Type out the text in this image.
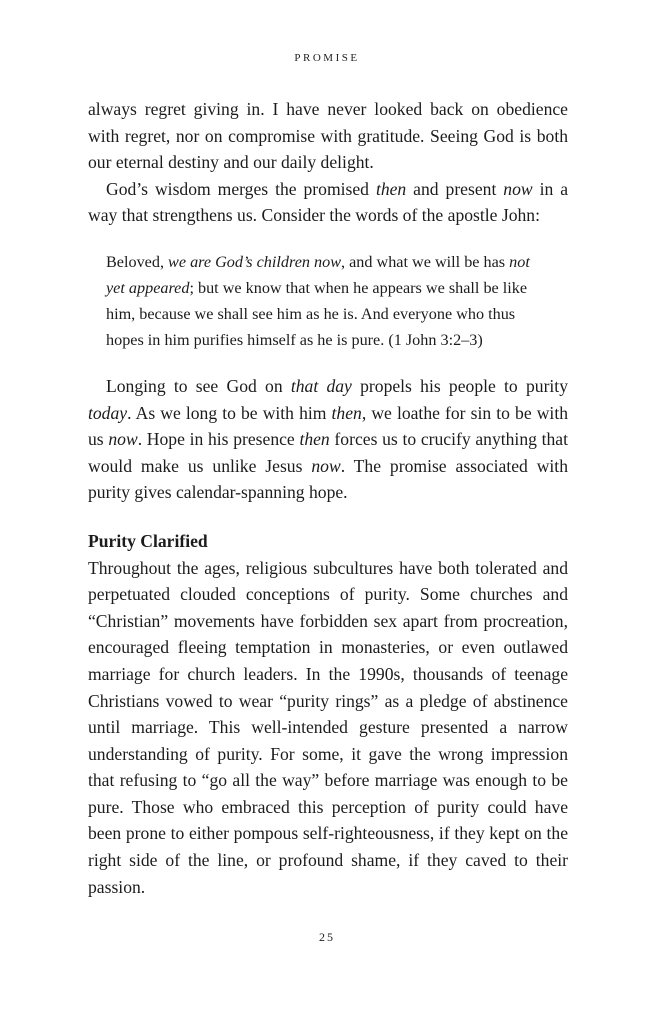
PROMISE

always regret giving in. I have never looked back on obedience with regret, nor on compromise with gratitude. Seeing God is both our eternal destiny and our daily delight.

God’s wisdom merges the promised then and present now in a way that strengthens us. Consider the words of the apostle John:

Beloved, we are God’s children now, and what we will be has not yet appeared; but we know that when he appears we shall be like him, because we shall see him as he is. And everyone who thus hopes in him purifies himself as he is pure. (1 John 3:2–3)

Longing to see God on that day propels his people to purity today. As we long to be with him then, we loathe for sin to be with us now. Hope in his presence then forces us to crucify anything that would make us unlike Jesus now. The promise associated with purity gives calendar-spanning hope.

Purity Clarified

Throughout the ages, religious subcultures have both tolerated and perpetuated clouded conceptions of purity. Some churches and “Christian” movements have forbidden sex apart from procreation, encouraged fleeing temptation in monasteries, or even outlawed marriage for church leaders. In the 1990s, thousands of teenage Christians vowed to wear “purity rings” as a pledge of abstinence until marriage. This well-intended gesture presented a narrow understanding of purity. For some, it gave the wrong impression that refusing to “go all the way” before marriage was enough to be pure. Those who embraced this perception of purity could have been prone to either pompous self-righteousness, if they kept on the right side of the line, or profound shame, if they caved to their passion.

25
